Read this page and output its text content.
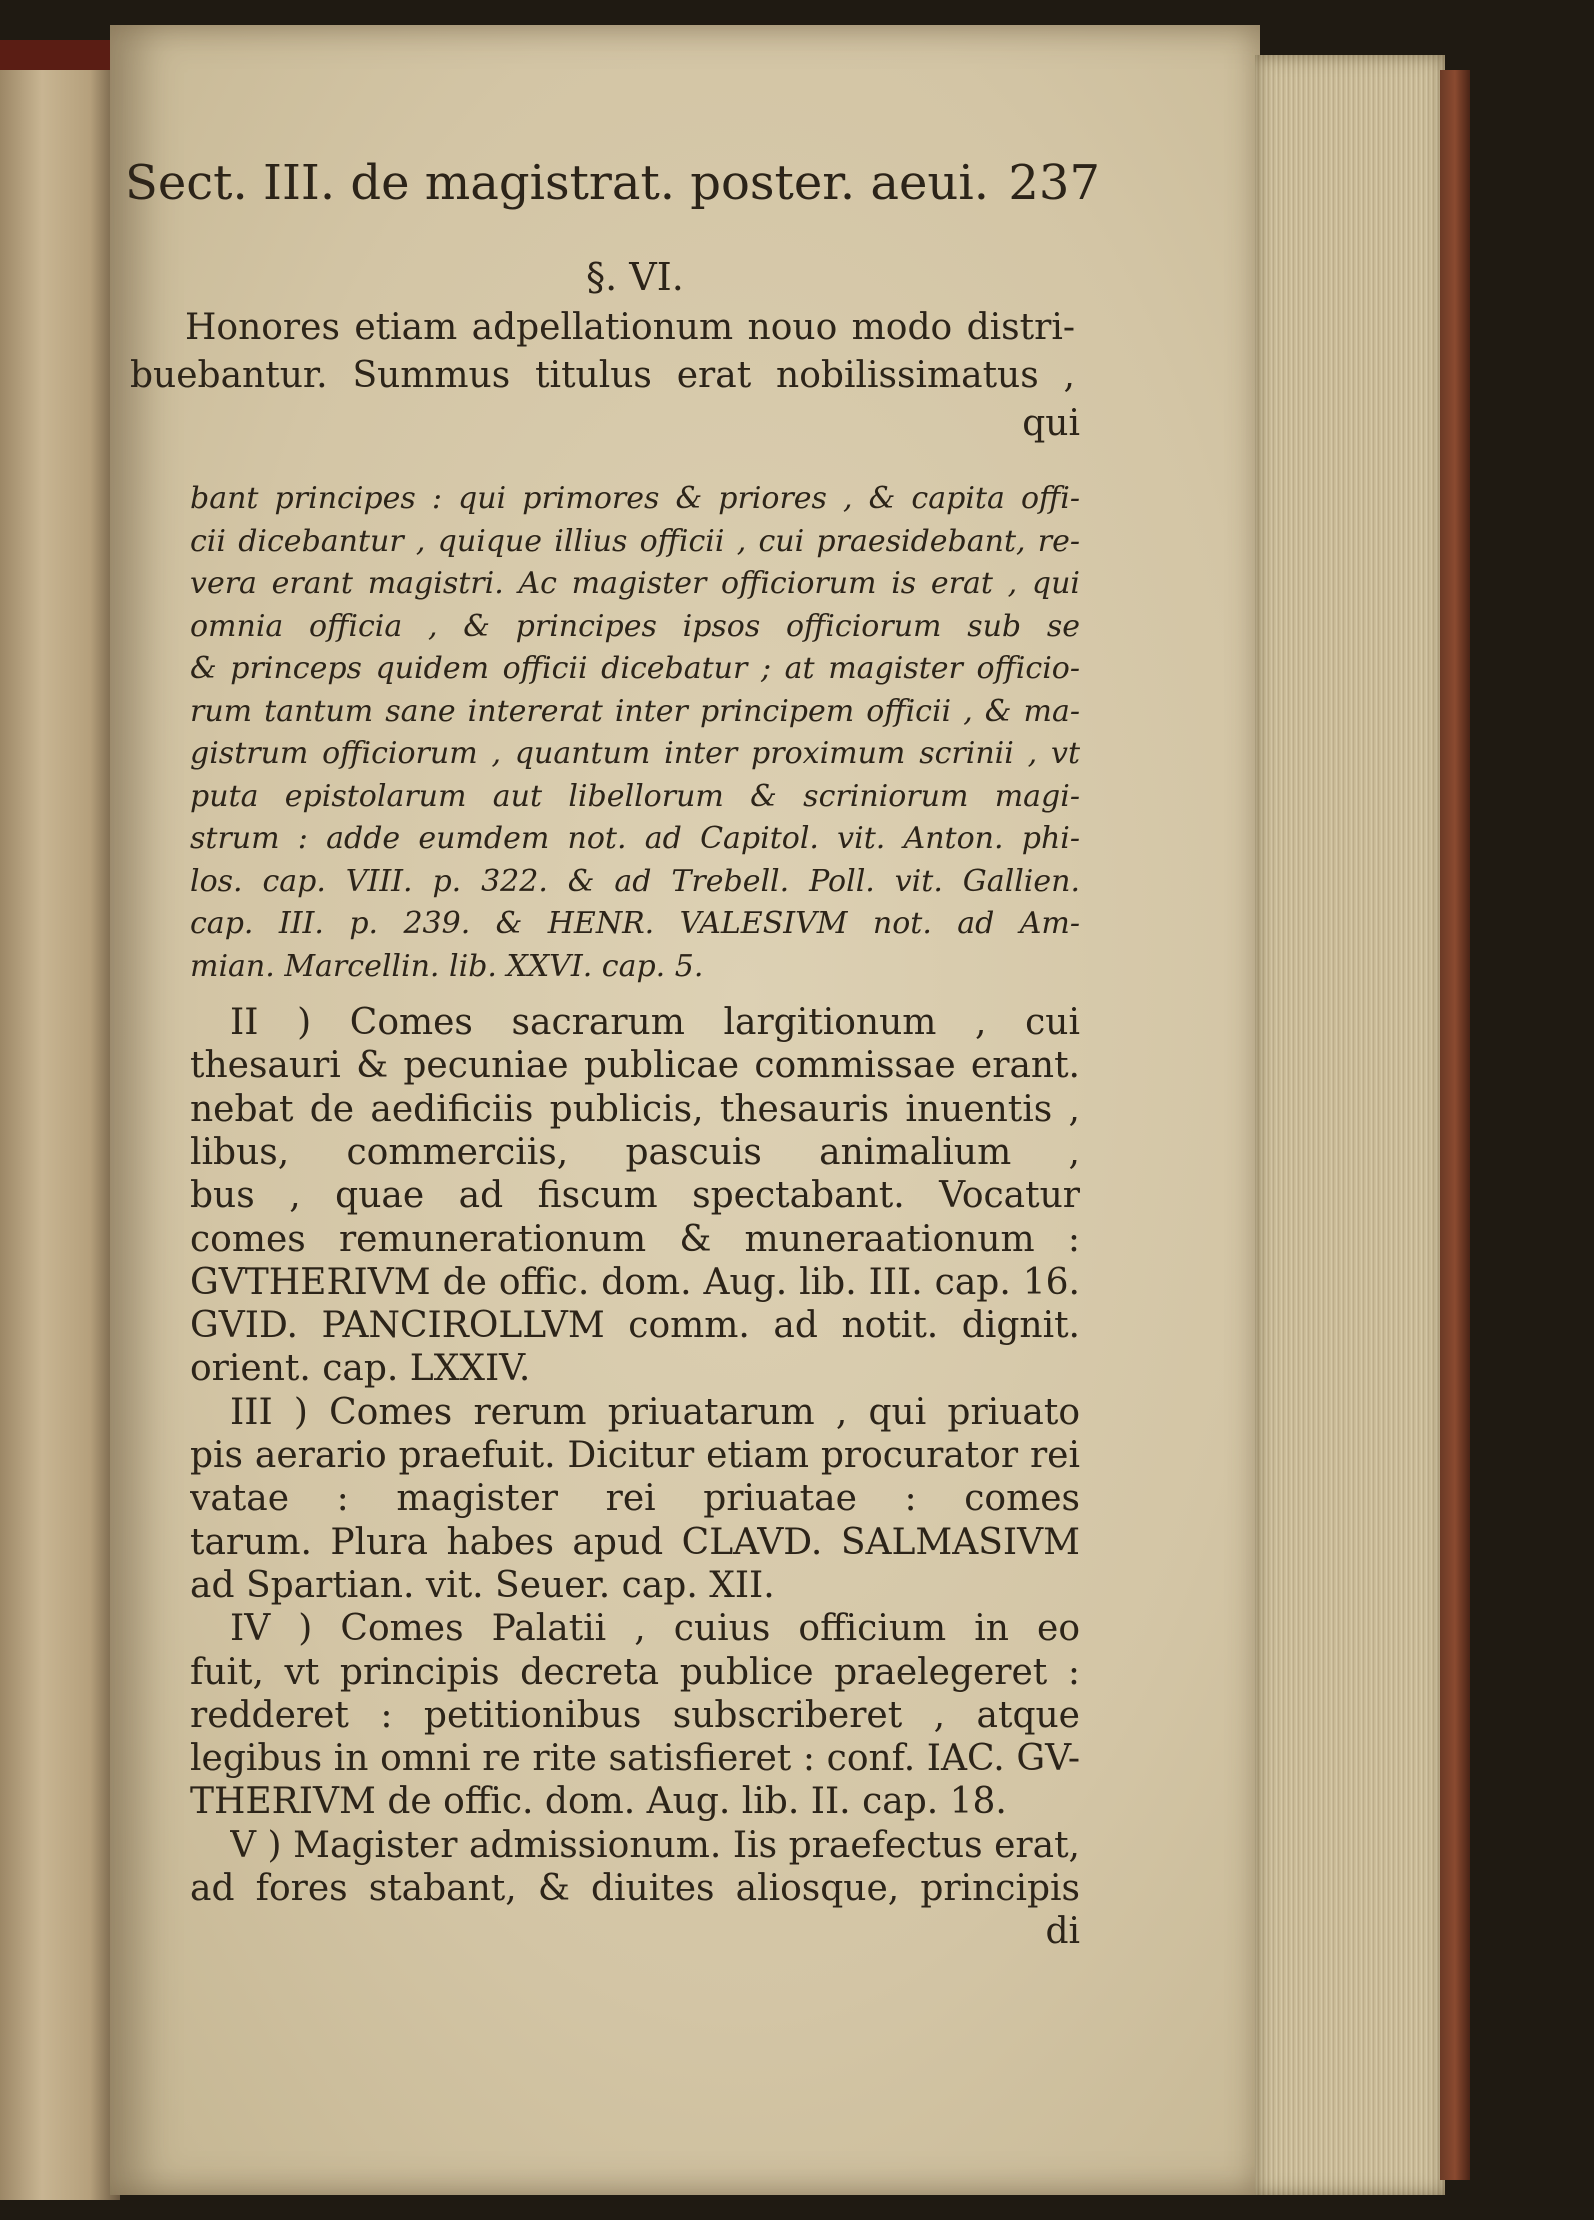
Sect. III. de magistrat. poster. aeui. 237
§. VI.
Honores etiam adpellationum nouo modo distri-
buebantur. Summus titulus erat nobilissimatus ,
qui
bant principes : qui primores & priores , & capita offi-
cii dicebantur , quique illius officii , cui praesidebant, re-
vera erant magistri. Ac magister officiorum is erat , qui
omnia officia , & principes ipsos officiorum sub se
& princeps quidem officii dicebatur ; at magister officio-
rum tantum sane intererat inter principem officii , & ma-
gistrum officiorum , quantum inter proximum scrinii , vt
puta epistolarum aut libellorum & scriniorum magi-
strum : adde eumdem not. ad Capitol. vit. Anton. phi-
los. cap. VIII. p. 322. & ad Trebell. Poll. vit. Gallien.
cap. III. p. 239. & HENR. VALESIVM not. ad Am-
mian. Marcellin. lib. XXVI. cap. 5.
II ) Comes sacrarum largitionum , cui
thesauri & pecuniae publicae commissae erant.
nebat de aedificiis publicis, thesauris inuentis ,
libus, commerciis, pascuis animalium ,
bus , quae ad fiscum spectabant. Vocatur
comes remunerationum & muneraationum :
GVTHERIVM de offic. dom. Aug. lib. III. cap. 16.
GVID. PANCIROLLVM comm. ad notit. dignit.
orient. cap. LXXIV.
III ) Comes rerum priuatarum , qui priuato
pis aerario praefuit. Dicitur etiam procurator rei
vatae : magister rei priuatae : comes
tarum. Plura habes apud CLAVD. SALMASIVM
ad Spartian. vit. Seuer. cap. XII.
IV ) Comes Palatii , cuius officium in eo
fuit, vt principis decreta publice praelegeret :
redderet : petitionibus subscriberet , atque
legibus in omni re rite satisfieret : conf. IAC. GV-
THERIVM de offic. dom. Aug. lib. II. cap. 18.
V ) Magister admissionum. Iis praefectus erat,
ad fores stabant, & diuites aliosque, principis
di
